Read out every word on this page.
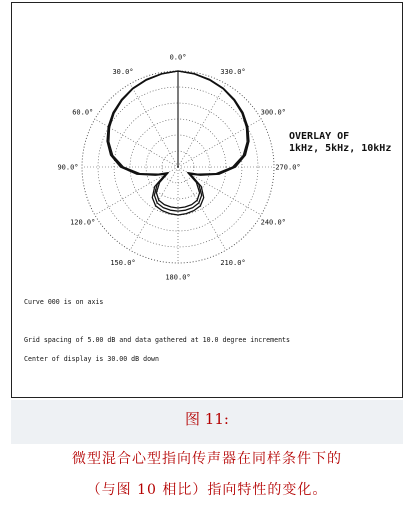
0.0°
30.0°
60.0°
90.0°
120.0°
150.0°
180.0°
210.0°
240.0°
270.0°
300.0°
330.0°
OVERLAY OF
1kHz, 5kHz, 10kHz
Curve 000 is on axis
Grid spacing of 5.00 dB and data gathered at 10.0 degree increments
Center of display is 30.00 dB down
图 11:
微型混合心型指向传声器在同样条件下的
（与图 10 相比）指向特性的变化。
